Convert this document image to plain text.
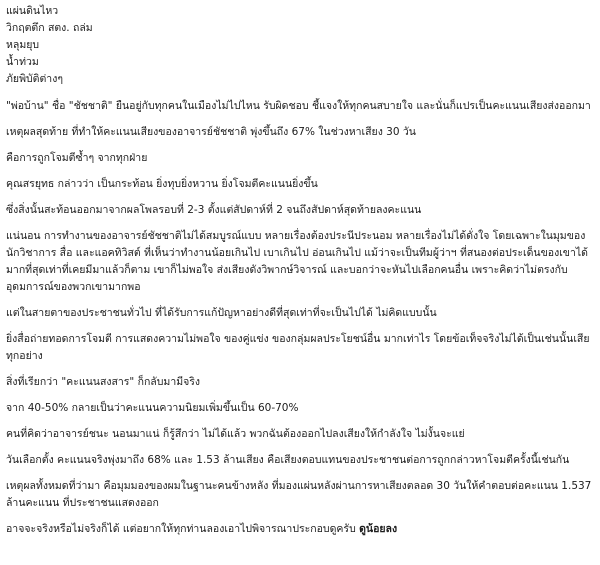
แผ่นดินไหว
วิกฤตตึก สตง. ถล่ม
หลุมยุบ
น้ำท่วม
ภัยพิบัติต่างๆ

"พ่อบ้าน" ชื่อ "ชัชชาติ" ยืนอยู่กับทุกคนในเมืองไม่ไปไหน รับผิดชอบ ชี้แจงให้ทุกคนสบายใจ และนั่นก็แปรเป็นคะแนนเสียงส่งออกมา

เหตุผลสุดท้าย ที่ทำให้คะแนนเสียงของอาจารย์ชัชชาติ พุ่งขึ้นถึง 67% ในช่วงหาเสียง 30 วัน

คือการถูกโจมตีซ้ำๆ จากทุกฝ่าย

คุณสรยุทธ กล่าวว่า เป็นกระท้อน ยิ่งทุบยิ่งหวาน ยิ่งโจมตีคะแนนยิ่งขึ้น

ซึ่งสิ่งนั้นสะท้อนออกมาจากผลโพลรอบที่ 2-3 ตั้งแต่สัปดาห์ที่ 2 จนถึงสัปดาห์สุดท้ายลงคะแนน

แน่นอน การทำงานของอาจารย์ชัชชาติไม่ได้สมบูรณ์แบบ หลายเรื่องต้องประนีประนอม หลายเรื่องไม่ได้ดั่งใจ โดยเฉพาะในมุมของนักวิชาการ สื่อ และแอคทิวิสต์ ที่เห็นว่าทำงานน้อยเกินไป เบาเกินไป อ่อนเกินไป แม้ว่าจะเป็นทีมผู้ว่าฯ ที่สนองต่อประเด็นของเขาได้มากที่สุดเท่าที่เคยมีมาแล้วก็ตาม เขาก็ไม่พอใจ ส่งเสียงดังวิพากษ์วิจารณ์ และบอกว่าจะหันไปเลือกคนอื่น เพราะคิดว่าไม่ตรงกับอุดมการณ์ของพวกเขามากพอ

แต่ในสายตาของประชาชนทั่วไป ที่ได้รับการแก้ปัญหาอย่างดีที่สุดเท่าที่จะเป็นไปได้ ไม่คิดแบบนั้น

ยิ่งสื่อถ่ายทอดการโจมตี การแสดงความไม่พอใจ ของคู่แข่ง ของกลุ่มผลประโยชน์อื่น มากเท่าไร โดยข้อเท็จจริงไม่ได้เป็นเช่นนั้นเสียทุกอย่าง

สิ่งที่เรียกว่า "คะแนนสงสาร" ก็กลับมามีจริง

จาก 40-50% กลายเป็นว่าคะแนนความนิยมเพิ่มขึ้นเป็น 60-70%

คนที่คิดว่าอาจารย์ชนะ นอนมาแน่ ก็รู้สึกว่า ไม่ได้แล้ว พวกฉันต้องออกไปลงเสียงให้กำลังใจ ไม่งั้นจะแย่

วันเลือกตั้ง คะแนนจริงพุ่งมาถึง 68% และ 1.53 ล้านเสียง คือเสียงตอบแทนของประชาชนต่อการถูกกล่าวหาโจมตีครั้งนี้เช่นกัน

เหตุผลทั้งหมดที่ว่ามา คือมุมมองของผมในฐานะคนข้างหลัง ที่มองแผ่นหลังผ่านการหาเสียงตลอด 30 วันให้คำตอบต่อคะแนน 1.537 ล้านคะแนน ที่ประชาชนแสดงออก

อาจจะจริงหรือไม่จริงก็ได้ แต่อยากให้ทุกท่านลองเอาไปพิจารณาประกอบดูครับ ดูน้อยลง
